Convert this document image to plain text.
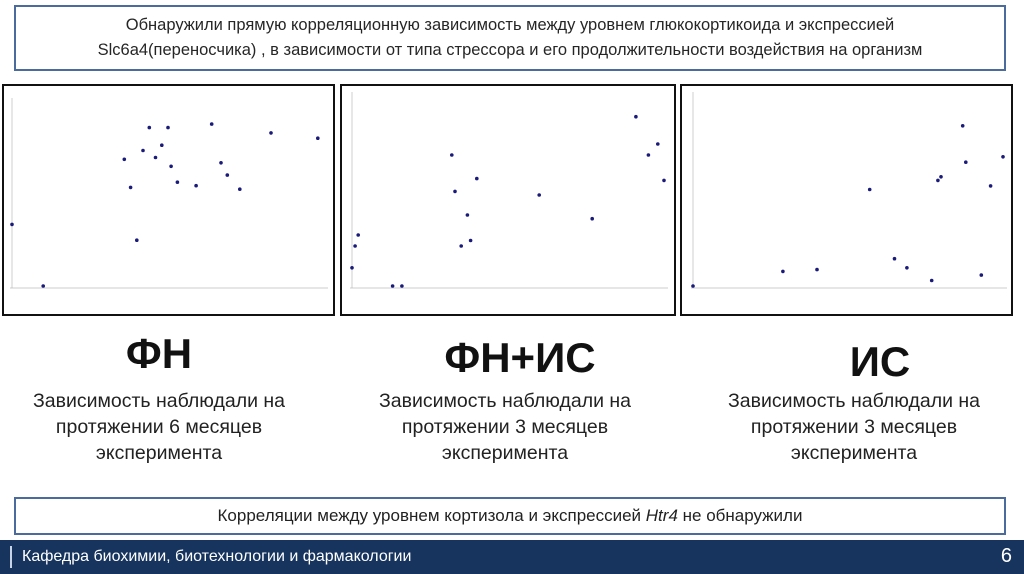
Обнаружили прямую корреляционную зависимость между уровнем глюкокортикоида и экспрессией
Slc6a4(переносчика) , в зависимости от типа стрессора и его продолжительности воздействия на организм
ФН	ФН+ИС	ИС
Зависимость наблюдали на
протяжении 6 месяцев
эксперимента
Зависимость наблюдали на
протяжении 3 месяцев
эксперимента
Зависимость наблюдали на
протяжении 3 месяцев
эксперимента
Корреляции между уровнем кортизола и экспрессией Htr4 не обнаружили
Кафедра биохимии, биотехнологии и фармакологии	6
